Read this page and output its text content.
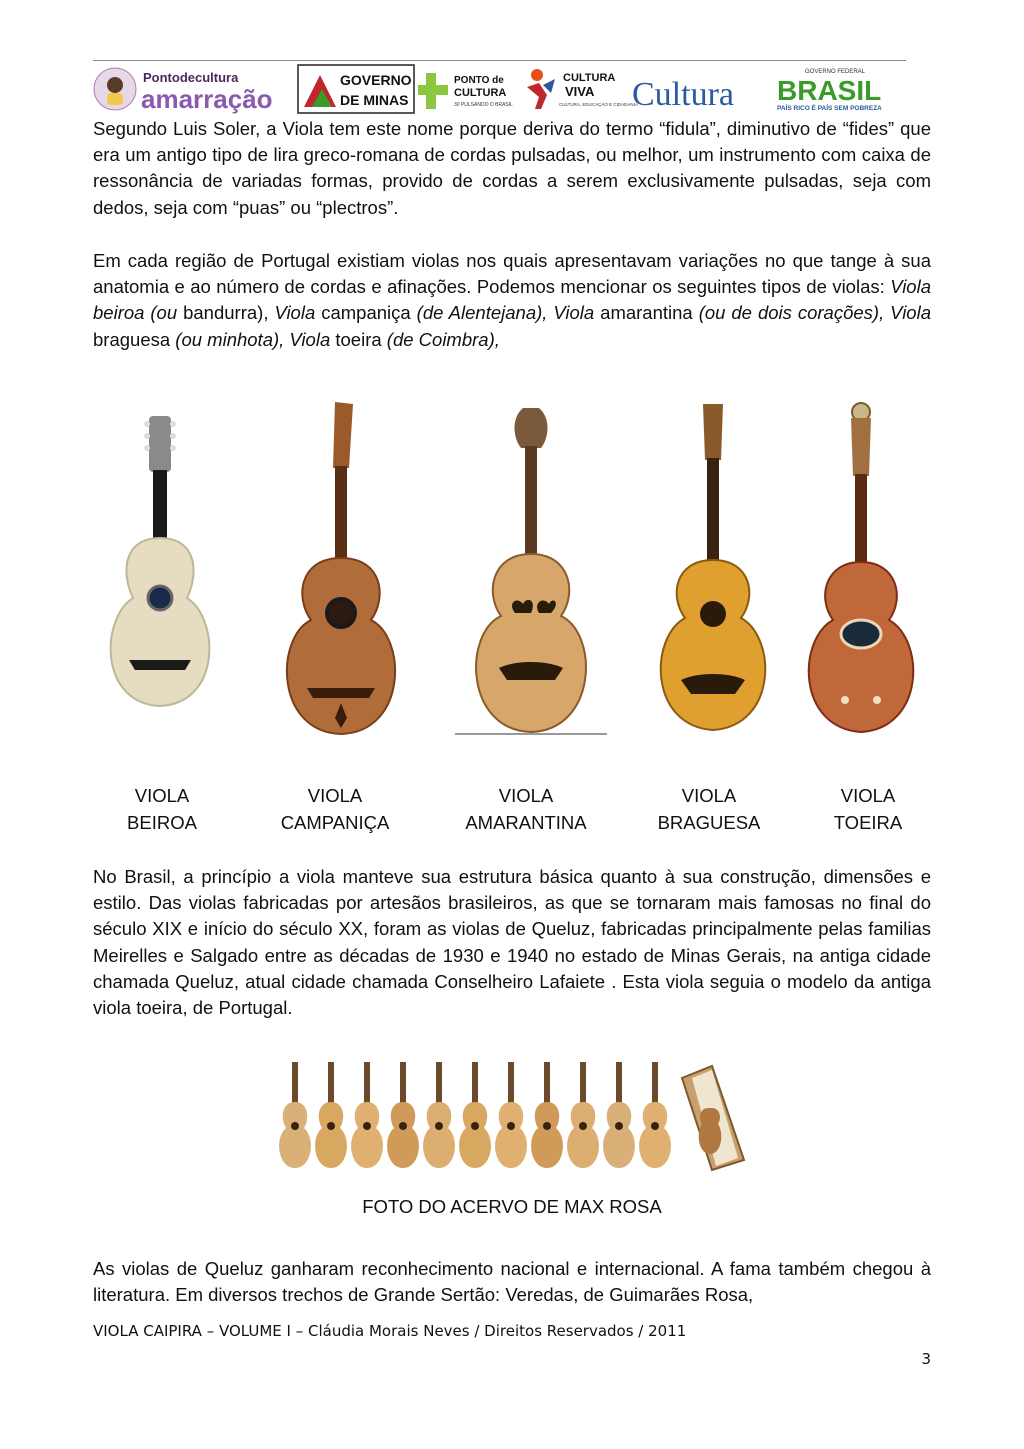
Pontodecultura
amarração
GOVERNO
DE MINAS
PONTO de
CULTURA
30 PULSANDO O BRASIL
CULTURA
VIVA
CULTURA, EDUCAÇÃO E CIDADANIA
Cultura
GOVERNO FEDERAL
BRASIL
PAÍS RICO É PAÍS SEM POBREZA

Segundo Luis Soler, a Viola tem este nome porque deriva do termo “fidula”, diminutivo de “fides” que era um antigo tipo de lira greco-romana de cordas pulsadas, ou melhor, um instrumento com caixa de ressonância de variadas formas, provido de cordas a serem exclusivamente pulsadas, seja com dedos, seja com “puas” ou “plectros”.

Em cada região de Portugal existiam violas nos quais apresentavam variações no que tange à sua anatomia e ao número de cordas e afinações. Podemos mencionar os seguintes tipos de violas: Viola beiroa (ou bandurra), Viola campaniça (de Alentejana), Viola amarantina (ou de dois corações), Viola braguesa (ou minhota), Viola toeira (de Coimbra),

VIOLA
BEIROA
VIOLA
CAMPANIÇA
VIOLA
AMARANTINA
VIOLA
BRAGUESA
VIOLA
TOEIRA

No Brasil, a princípio a viola manteve sua estrutura básica quanto à sua construção, dimensões e estilo. Das violas fabricadas por artesãos brasileiros, as que se tornaram mais famosas no final do século XIX e início do século XX, foram as violas de Queluz, fabricadas principalmente pelas familias Meirelles e Salgado entre as décadas de 1930 e 1940 no estado de Minas Gerais, na antiga cidade chamada Queluz, atual cidade chamada Conselheiro Lafaiete . Esta viola seguia o modelo da antiga viola toeira, de Portugal.

FOTO DO ACERVO DE MAX ROSA

As violas de Queluz ganharam reconhecimento nacional e internacional. A fama também chegou à literatura. Em diversos trechos de Grande Sertão: Veredas, de Guimarães Rosa,

VIOLA CAIPIRA – VOLUME I – Cláudia Morais Neves / Direitos Reservados / 2011
3
